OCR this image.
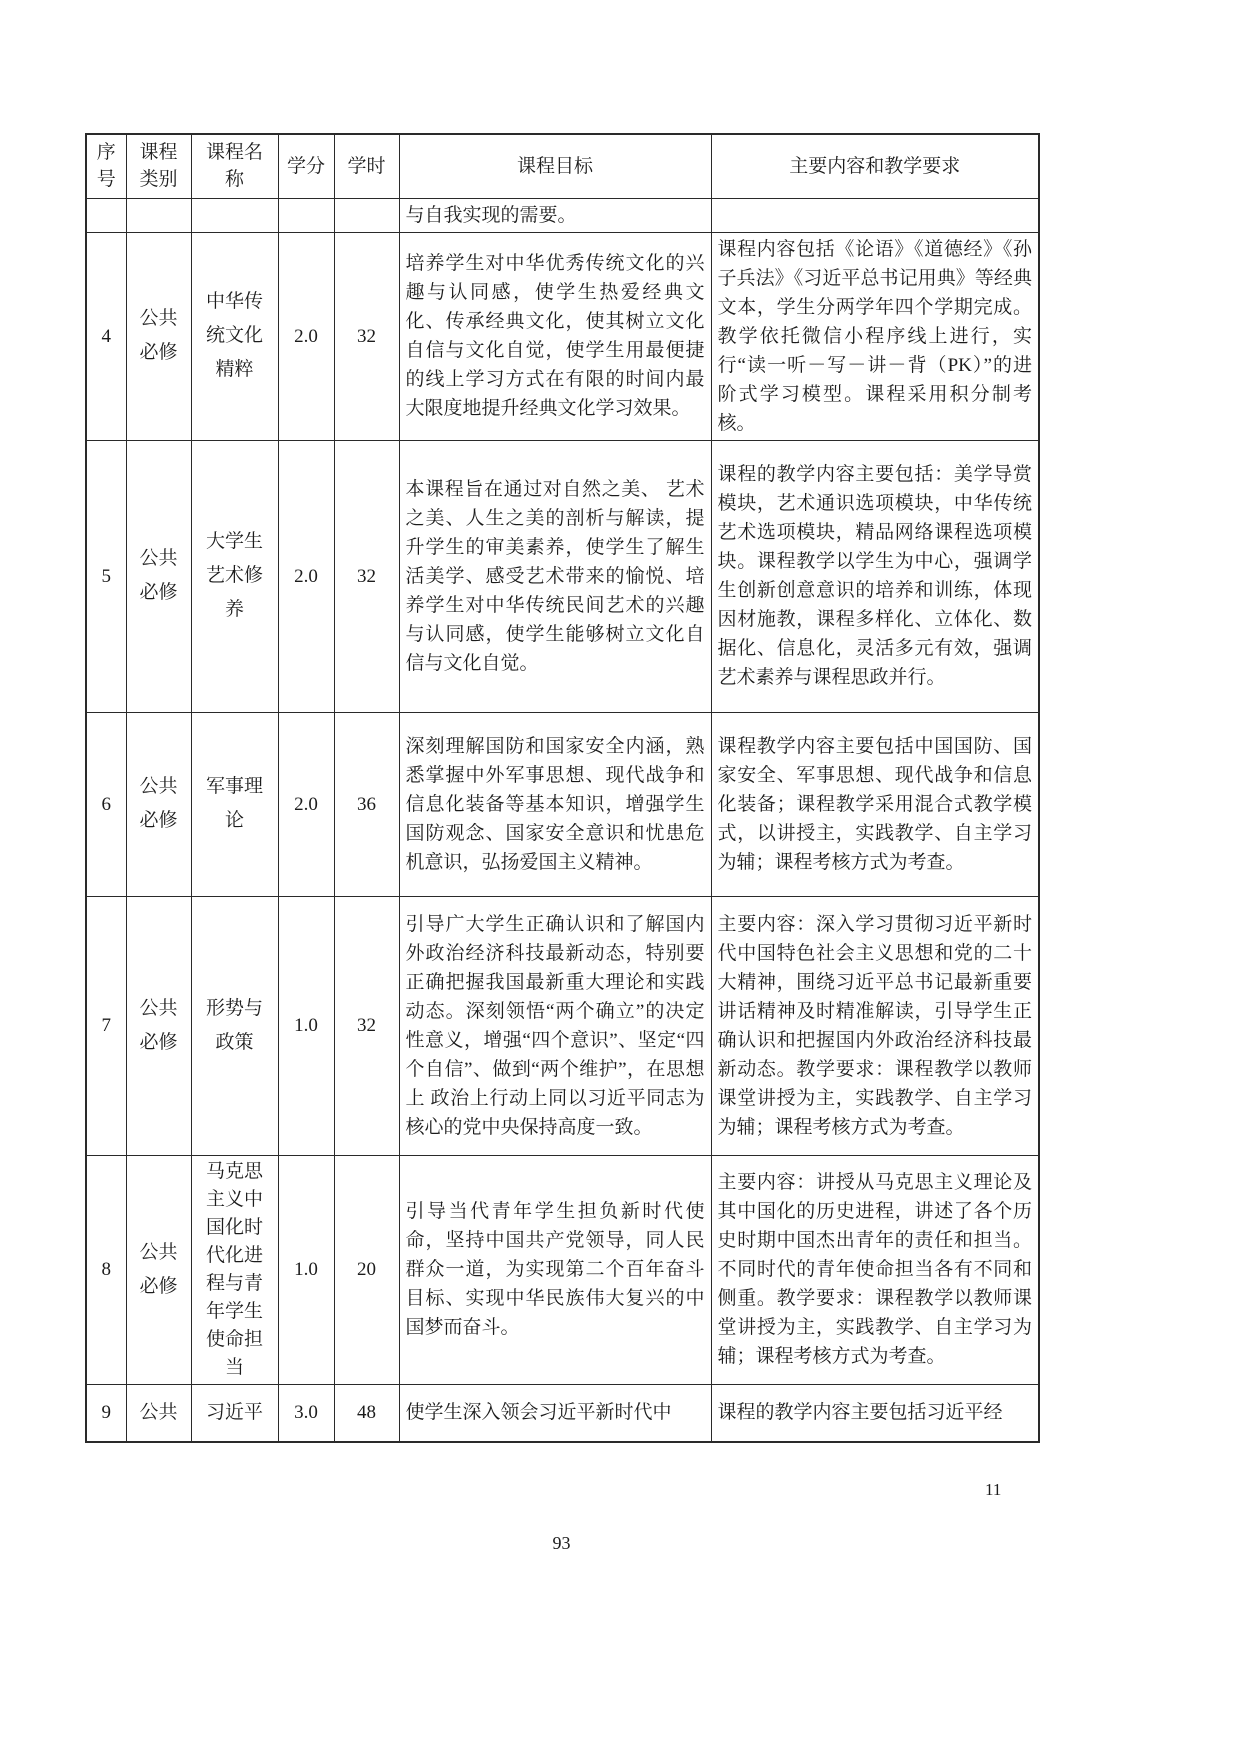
序号	课程类别	课程名称	学分	学时	课程目标	主要内容和教学要求
					与自我实现的需要。	
4	公共必修	中华传统文化精粹	2.0	32	培养学生对中华优秀传统文化的兴趣与认同感，使学生热爱经典文化、传承经典文化，使其树立文化自信与文化自觉，使学生用最便捷的线上学习方式在有限的时间内最大限度地提升经典文化学习效果。	课程内容包括《论语》《道德经》《孙子兵法》《习近平总书记用典》等经典文本，学生分两学年四个学期完成。教学依托微信小程序线上进行，实行“读一听－写－讲－背（PK）”的进阶式学习模型。课程采用积分制考核。
5	公共必修	大学生艺术修养	2.0	32	本课程旨在通过对自然之美、 艺术之美、人生之美的剖析与解读，提升学生的审美素养，使学生了解生活美学、感受艺术带来的愉悦、培养学生对中华传统民间艺术的兴趣与认同感，使学生能够树立文化自信与文化自觉。	课程的教学内容主要包括：美学导赏模块，艺术通识选项模块，中华传统艺术选项模块，精品网络课程选项模块。课程教学以学生为中心，强调学生创新创意意识的培养和训练，体现因材施教，课程多样化、立体化、数据化、信息化，灵活多元有效，强调艺术素养与课程思政并行。
6	公共必修	军事理论	2.0	36	深刻理解国防和国家安全内涵，熟悉掌握中外军事思想、现代战争和信息化装备等基本知识，增强学生国防观念、国家安全意识和忧患危机意识，弘扬爱国主义精神。	课程教学内容主要包括中国国防、国家安全、军事思想、现代战争和信息化装备；课程教学采用混合式教学模式，以讲授主，实践教学、自主学习为辅；课程考核方式为考查。
7	公共必修	形势与政策	1.0	32	引导广大学生正确认识和了解国内外政治经济科技最新动态，特别要正确把握我国最新重大理论和实践动态。深刻领悟“两个确立”的决定性意义，增强“四个意识”、坚定“四个自信”、做到“两个维护”，在思想上 政治上行动上同以习近平同志为核心的党中央保持高度一致。	主要内容：深入学习贯彻习近平新时代中国特色社会主义思想和党的二十 大精神，围绕习近平总书记最新重要讲话精神及时精准解读，引导学生正确认识和把握国内外政治经济科技最新动态。教学要求：课程教学以教师课堂讲授为主，实践教学、自主学习为辅；课程考核方式为考查。
8	公共必修	马克思主义中国化时代化进程与青年学生使命担当	1.0	20	引导当代青年学生担负新时代使命，坚持中国共产党领导，同人民群众一道，为实现第二个百年奋斗目标、实现中华民族伟大复兴的中国梦而奋斗。	主要内容：讲授从马克思主义理论及其中国化的历史进程，讲述了各个历史时期中国杰出青年的责任和担当。不同时代的青年使命担当各有不同和侧重。教学要求：课程教学以教师课堂讲授为主，实践教学、自主学习为辅；课程考核方式为考查。
9	公共	习近平	3.0	48	使学生深入领会习近平新时代中	课程的教学内容主要包括习近平经
11
93
